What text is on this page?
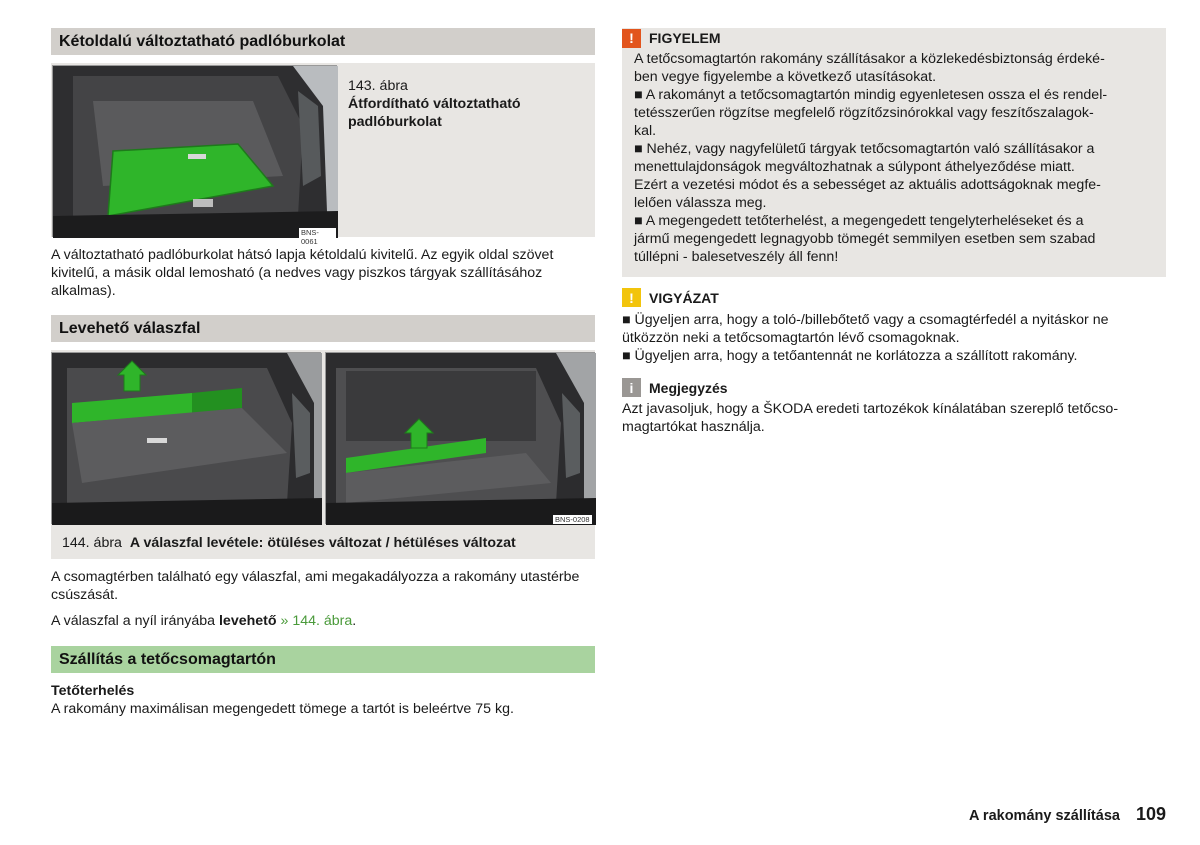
Kétoldalú változtatható padlóburkolat
BNS-0061
143. ábra
Átfordítható változtatható padlóburkolat
A változtatható padlóburkolat hátsó lapja kétoldalú kivitelű. Az egyik oldal szövet kivitelű, a másik oldal lemosható (a nedves vagy piszkos tárgyak szállításához alkalmas).
Levehető válaszfal
BNS-0208
144. ábra A válaszfal levétele: ötüléses változat / hétüléses változat
A csomagtérben található egy válaszfal, ami megakadályozza a rakomány utastérbe csúszását.
A válaszfal a nyíl irányába levehető » 144. ábra.
Szállítás a tetőcsomagtartón
Tetőterhelés
A rakomány maximálisan megengedett tömege a tartót is beleértve 75 kg.
!	FIGYELEM
A tetőcsomagtartón rakomány szállításakor a közlekedésbiztonság érdeké-
ben vegye figyelembe a következő utasításokat.
■ A rakományt a tetőcsomagtartón mindig egyenletesen ossza el és rendel-
tetésszerűen rögzítse megfelelő rögzítőzsinórokkal vagy feszítőszalagok-
kal.
■ Nehéz, vagy nagyfelületű tárgyak tetőcsomagtartón való szállításakor a
menettulajdonságok megváltozhatnak a súlypont áthelyeződése miatt.
Ezért a vezetési módot és a sebességet az aktuális adottságoknak megfe-
lelően válassza meg.
■ A megengedett tetőterhelést, a megengedett tengelyterheléseket és a
jármű megengedett legnagyobb tömegét semmilyen esetben sem szabad
túllépni - balesetveszély áll fenn!
!	VIGYÁZAT
■ Ügyeljen arra, hogy a toló-/billebőtető vagy a csomagtérfedél a nyitáskor ne
ütközzön neki a tetőcsomagtartón lévő csomagoknak.
■ Ügyeljen arra, hogy a tetőantennát ne korlátozza a szállított rakomány.
i	Megjegyzés
Azt javasoljuk, hogy a ŠKODA eredeti tartozékok kínálatában szereplő tetőcso-
magtartókat használja.
A rakomány szállítása 109
